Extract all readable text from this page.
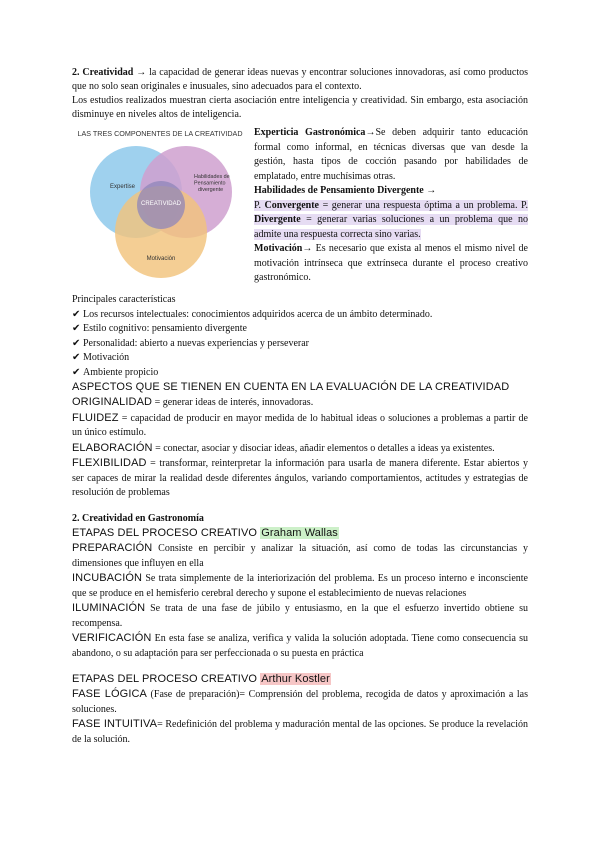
2. Creatividad → la capacidad de generar ideas nuevas y encontrar soluciones innovadoras, así como productos que no solo sean originales e inusuales, sino adecuados para el contexto.

Los estudios realizados muestran cierta asociación entre inteligencia y creatividad. Sin embargo, esta asociación disminuye en niveles altos de inteligencia.

LAS TRES COMPONENTES DE LA CREATIVIDAD
Expertise
Habilidades de Pensamiento divergente
CREATIVIDAD
Motivación

Experticia Gastronómica→Se deben adquirir tanto educación formal como informal, en técnicas diversas que van desde la gestión, hasta tipos de cocción pasando por habilidades de emplatado, entre muchísimas otras.

Habilidades de Pensamiento Divergente →

P. Convergente = generar una respuesta óptima a un problema. P. Divergente = generar varias soluciones a un problema que no admite una respuesta correcta sino varias.

Motivación→ Es necesario que exista al menos el mismo nivel de motivación intrínseca que extrínseca durante el proceso creativo gastronómico.

Principales características

✔ Los recursos intelectuales: conocimientos adquiridos acerca de un ámbito determinado.

✔ Estilo cognitivo: pensamiento divergente

✔ Personalidad: abierto a nuevas experiencias y perseverar

✔ Motivación

✔ Ambiente propicio

ASPECTOS QUE SE TIENEN EN CUENTA EN LA EVALUACIÓN DE LA CREATIVIDAD

ORIGINALIDAD = generar ideas de interés, innovadoras.

FLUIDEZ = capacidad de producir en mayor medida de lo habitual ideas o soluciones a problemas a partir de un único estímulo.

ELABORACIÓN = conectar, asociar y disociar ideas, añadir elementos o detalles a ideas ya existentes.

FLEXIBILIDAD = transformar, reinterpretar la información para usarla de manera diferente. Estar abiertos y ser capaces de mirar la realidad desde diferentes ángulos, variando comportamientos, actitudes y estrategias de resolución de problemas

2. Creatividad en Gastronomía

ETAPAS DEL PROCESO CREATIVO Graham Wallas

PREPARACIÓN Consiste en percibir y analizar la situación, así como de todas las circunstancias y dimensiones que influyen en ella

INCUBACIÓN Se trata simplemente de la interiorización del problema. Es un proceso interno e inconsciente que se produce en el hemisferio cerebral derecho y supone el establecimiento de nuevas relaciones

ILUMINACIÓN Se trata de una fase de júbilo y entusiasmo, en la que el esfuerzo invertido obtiene su recompensa.

VERIFICACIÓN En esta fase se analiza, verifica y valida la solución adoptada. Tiene como consecuencia su abandono, o su adaptación para ser perfeccionada o su puesta en práctica

ETAPAS DEL PROCESO CREATIVO Arthur Kostler

FASE LÓGICA (Fase de preparación)= Comprensión del problema, recogida de datos y aproximación a las soluciones.

FASE INTUITIVA= Redefinición del problema y maduración mental de las opciones. Se produce la revelación de la solución.
